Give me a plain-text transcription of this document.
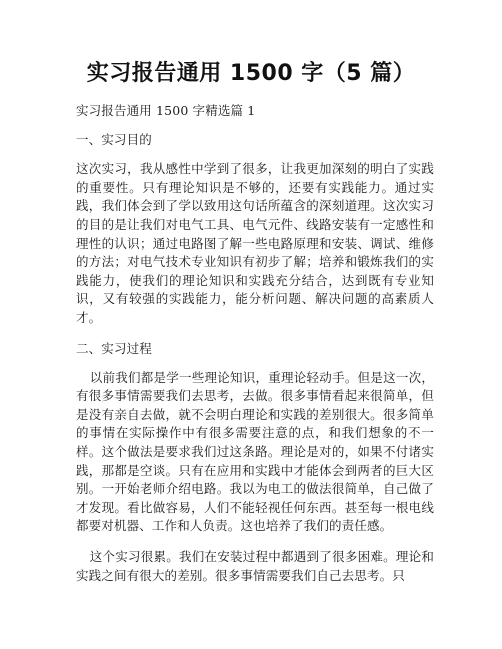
实习报告通用 1500 字（5 篇）

实习报告通用 1500 字精选篇 1

一、实习目的

这次实习，我从感性中学到了很多，让我更加深刻的明白了实践的重要性。只有理论知识是不够的，还要有实践能力。通过实践，我们体会到了学以致用这句话所蕴含的深刻道理。这次实习的目的是让我们对电气工具、电气元件、线路安装有一定感性和理性的认识；通过电路图了解一些电路原理和安装、调试、维修的方法；对电气技术专业知识有初步了解；培养和锻炼我们的实践能力，使我们的理论知识和实践充分结合，达到既有专业知识，又有较强的实践能力，能分析问题、解决问题的高素质人才。

二、实习过程

以前我们都是学一些理论知识，重理论轻动手。但是这一次，有很多事情需要我们去思考，去做。很多事情看起来很简单，但是没有亲自去做，就不会明白理论和实践的差别很大。很多简单的事情在实际操作中有很多需要注意的点，和我们想象的不一样。这个做法是要求我们过这条路。理论是对的，如果不付诸实践，那都是空谈。只有在应用和实践中才能体会到两者的巨大区别。一开始老师介绍电路。我以为电工的做法很简单，自己做了才发现。看比做容易，人们不能轻视任何东西。甚至每一根电线都要对机器、工作和人负责。这也培养了我们的责任感。

这个实习很累。我们在安装过程中都遇到了很多困难。理论和实践之间有很大的差别。很多事情需要我们自己去思考。只
